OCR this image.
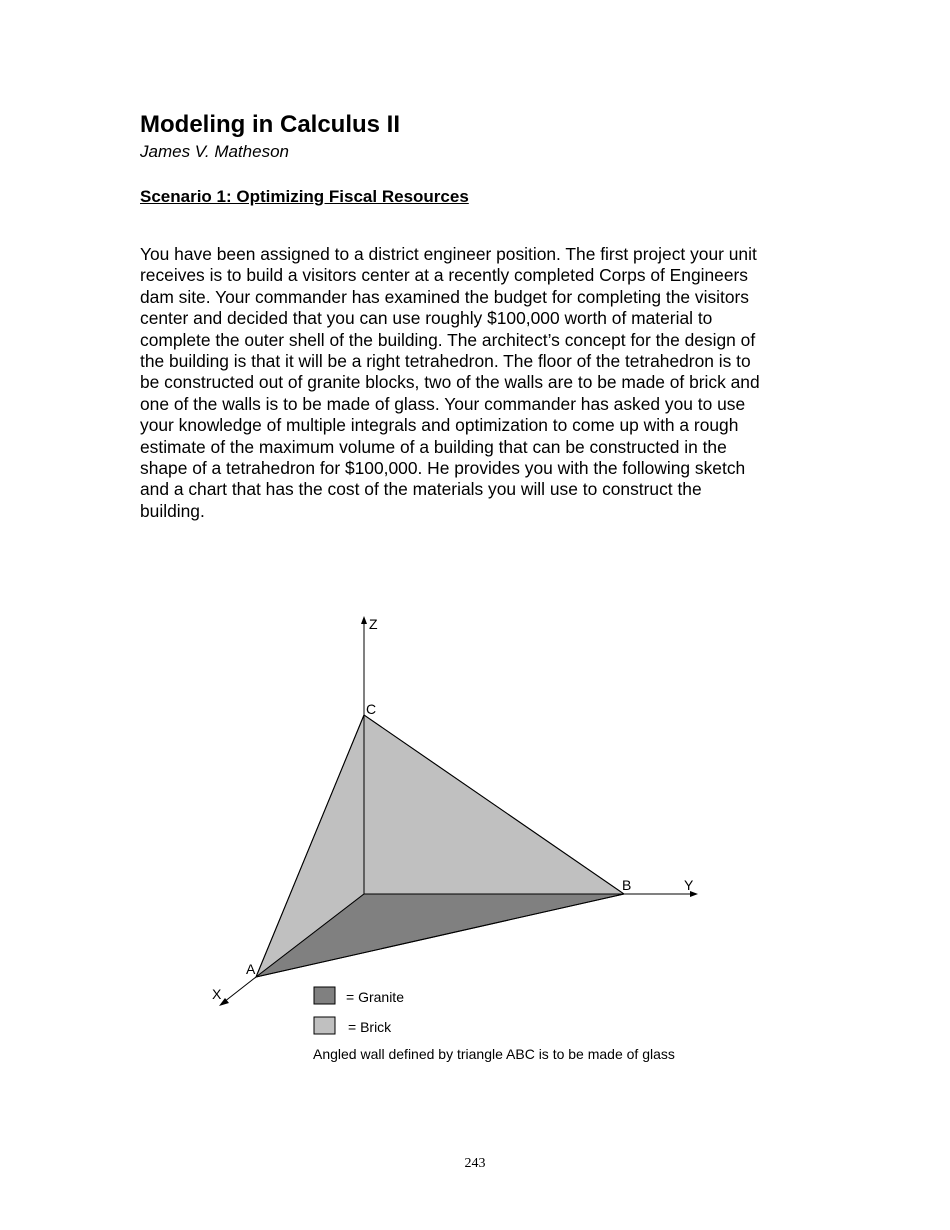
Modeling in Calculus II
James V. Matheson
Scenario 1: Optimizing Fiscal Resources
You have been assigned to a district engineer position. The first project your unit
receives is to build a visitors center at a recently completed Corps of Engineers
dam site. Your commander has examined the budget for completing the visitors
center and decided that you can use roughly $100,000 worth of material to
complete the outer shell of the building. The architect’s concept for the design of
the building is that it will be a right tetrahedron. The floor of the tetrahedron is to
be constructed out of granite blocks, two of the walls are to be made of brick and
one of the walls is to be made of glass. Your commander has asked you to use
your knowledge of multiple integrals and optimization to come up with a rough
estimate of the maximum volume of a building that can be constructed in the
shape of a tetrahedron for $100,000. He provides you with the following sketch
and a chart that has the cost of the materials you will use to construct the
building.
Z
C
B	Y
A
X	= Granite
= Brick
Angled wall defined by triangle ABC is to be made of glass
243
